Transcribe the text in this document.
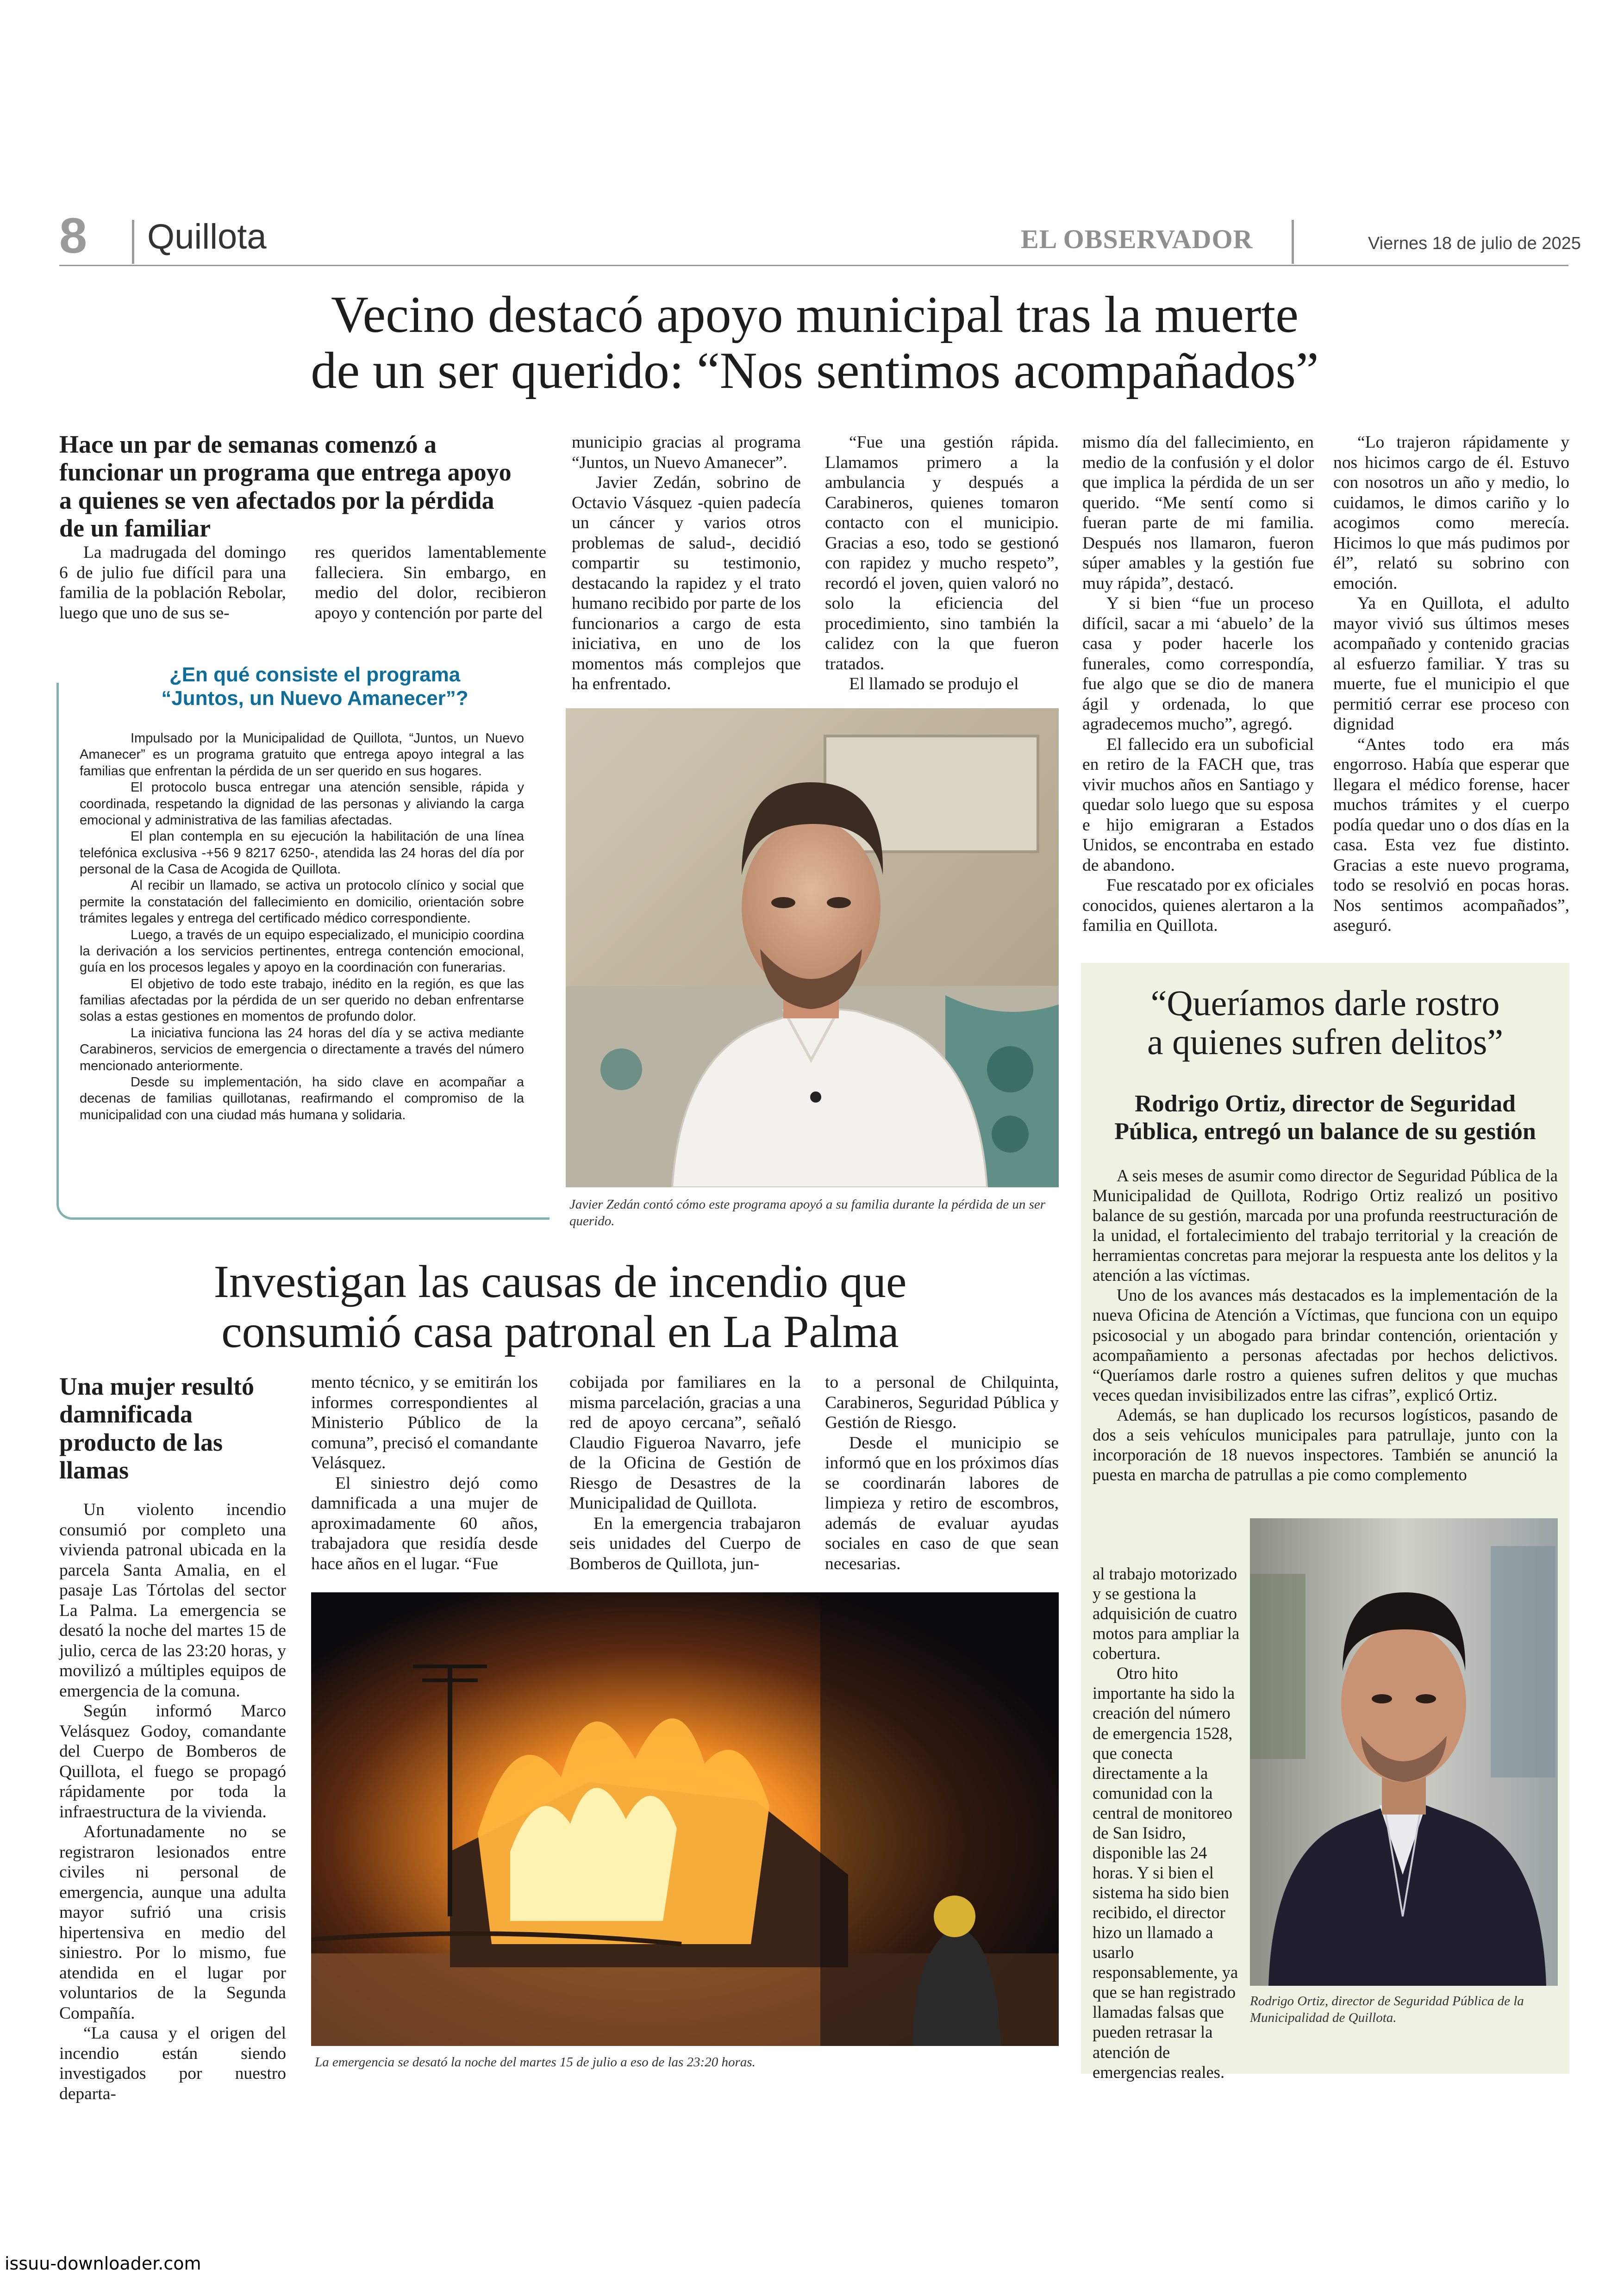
8 Quillota	EL OBSERVADOR	Viernes 18 de julio de 2025
Vecino destacó apoyo municipal tras la muerte
de un ser querido: “Nos sentimos acompañados”
Hace un par de semanas comenzó a funcionar un programa que entrega apoyo a quienes se ven afectados por la pérdida de un familiar

La madrugada del domingo 6 de julio fue difícil para una familia de la población Rebolar, luego que uno de sus se-

res queridos lamentablemente falleciera. Sin embargo, en medio del dolor, recibieron apoyo y contención por parte del

¿En qué consiste el programa
“Juntos, un Nuevo Amanecer”?

Impulsado por la Municipalidad de Quillota, “Juntos, un Nuevo Amanecer” es un programa gratuito que entrega apoyo integral a las familias que enfrentan la pérdida de un ser querido en sus hogares.

El protocolo busca entregar una atención sensible, rápida y coordinada, respetando la dignidad de las personas y aliviando la carga emocional y administrativa de las familias afectadas.

El plan contempla en su ejecución la habilitación de una línea telefónica exclusiva -+56 9 8217 6250-, atendida las 24 horas del día por personal de la Casa de Acogida de Quillota.

Al recibir un llamado, se activa un protocolo clínico y social que permite la constatación del fallecimiento en domicilio, orientación sobre trámites legales y entrega del certificado médico correspondiente.

Luego, a través de un equipo especializado, el municipio coordina la derivación a los servicios pertinentes, entrega contención emocional, guía en los procesos legales y apoyo en la coordinación con funerarias.

El objetivo de todo este trabajo, inédito en la región, es que las familias afectadas por la pérdida de un ser querido no deban enfrentarse solas a estas gestiones en momentos de profundo dolor.

La iniciativa funciona las 24 horas del día y se activa mediante Carabineros, servicios de emergencia o directamente a través del número mencionado anteriormente.

Desde su implementación, ha sido clave en acompañar a decenas de familias quillotanas, reafirmando el compromiso de la municipalidad con una ciudad más humana y solidaria.

municipio gracias al programa “Juntos, un Nuevo Amanecer”.

Javier Zedán, sobrino de Octavio Vásquez -quien padecía un cáncer y varios otros problemas de salud-, decidió compartir su testimonio, destacando la rapidez y el trato humano recibido por parte de los funcionarios a cargo de esta iniciativa, en uno de los momentos más complejos que ha enfrentado.

“Fue una gestión rápida. Llamamos primero a la ambulancia y después a Carabineros, quienes tomaron contacto con el municipio. Gracias a eso, todo se gestionó con rapidez y mucho respeto”, recordó el joven, quien valoró no solo la eficiencia del procedimiento, sino también la calidez con la que fueron tratados.

El llamado se produjo el

mismo día del fallecimiento, en medio de la confusión y el dolor que implica la pérdida de un ser querido. “Me sentí como si fueran parte de mi familia. Después nos llamaron, fueron súper amables y la gestión fue muy rápida”, destacó.

Y si bien “fue un proceso difícil, sacar a mi ‘abuelo’ de la casa y poder hacerle los funerales, como correspondía, fue algo que se dio de manera ágil y ordenada, lo que agradecemos mucho”, agregó.

El fallecido era un suboficial en retiro de la FACH que, tras vivir muchos años en Santiago y quedar solo luego que su esposa e hijo emigraran a Estados Unidos, se encontraba en estado de abandono.

Fue rescatado por ex oficiales conocidos, quienes alertaron a la familia en Quillota.

“Lo trajeron rápidamente y nos hicimos cargo de él. Estuvo con nosotros un año y medio, lo cuidamos, le dimos cariño y lo acogimos como merecía. Hicimos lo que más pudimos por él”, relató su sobrino con emoción.

Ya en Quillota, el adulto mayor vivió sus últimos meses acompañado y contenido gracias al esfuerzo familiar. Y tras su muerte, fue el municipio el que permitió cerrar ese proceso con dignidad

“Antes todo era más engorroso. Había que esperar que llegara el médico forense, hacer muchos trámites y el cuerpo podía quedar uno o dos días en la casa. Esta vez fue distinto. Gracias a este nuevo programa, todo se resolvió en pocas horas. Nos sentimos acompañados”, aseguró.

Javier Zedán contó cómo este programa apoyó a su familia durante la pérdida de un ser querido.
Investigan las causas de incendio que
consumió casa patronal en La Palma
Una mujer resultó damnificada producto de las llamas

Un violento incendio consumió por completo una vivienda patronal ubicada en la parcela Santa Amalia, en el pasaje Las Tórtolas del sector La Palma. La emergencia se desató la noche del martes 15 de julio, cerca de las 23:20 horas, y movilizó a múltiples equipos de emergencia de la comuna.

Según informó Marco Velásquez Godoy, comandante del Cuerpo de Bomberos de Quillota, el fuego se propagó rápidamente por toda la infraestructura de la vivienda.

Afortunadamente no se registraron lesionados entre civiles ni personal de emergencia, aunque una adulta mayor sufrió una crisis hipertensiva en medio del siniestro. Por lo mismo, fue atendida en el lugar por voluntarios de la Segunda Compañía.

“La causa y el origen del incendio están siendo investigados por nuestro departa-

mento técnico, y se emitirán los informes correspondientes al Ministerio Público de la comuna”, precisó el comandante Velásquez.

El siniestro dejó como damnificada a una mujer de aproximadamente 60 años, trabajadora que residía desde hace años en el lugar. “Fue

cobijada por familiares en la misma parcelación, gracias a una red de apoyo cercana”, señaló Claudio Figueroa Navarro, jefe de la Oficina de Gestión de Riesgo de Desastres de la Municipalidad de Quillota.

En la emergencia trabajaron seis unidades del Cuerpo de Bomberos de Quillota, jun-

to a personal de Chilquinta, Carabineros, Seguridad Pública y Gestión de Riesgo.

Desde el municipio se informó que en los próximos días se coordinarán labores de limpieza y retiro de escombros, además de evaluar ayudas sociales en caso de que sean necesarias.

La emergencia se desató la noche del martes 15 de julio a eso de las 23:20 horas.
“Queríamos darle rostro
a quienes sufren delitos”
Rodrigo Ortiz, director de Seguridad
Pública, entregó un balance de su gestión

A seis meses de asumir como director de Seguridad Pública de la Municipalidad de Quillota, Rodrigo Ortiz realizó un positivo balance de su gestión, marcada por una profunda reestructuración de la unidad, el fortalecimiento del trabajo territorial y la creación de herramientas concretas para mejorar la respuesta ante los delitos y la atención a las víctimas.

Uno de los avances más destacados es la implementación de la nueva Oficina de Atención a Víctimas, que funciona con un equipo psicosocial y un abogado para brindar contención, orientación y acompañamiento a personas afectadas por hechos delictivos. “Queríamos darle rostro a quienes sufren delitos y que muchas veces quedan invisibilizados entre las cifras”, explicó Ortiz.

Además, se han duplicado los recursos logísticos, pasando de dos a seis vehículos municipales para patrullaje, junto con la incorporación de 18 nuevos inspectores. También se anunció la puesta en marcha de patrullas a pie como complemento

al trabajo motorizado y se gestiona la adquisición de cuatro motos para ampliar la cobertura.

Otro hito importante ha sido la creación del número de emergencia 1528, que conecta directamente a la comunidad con la central de monitoreo de San Isidro, disponible las 24 horas. Y si bien el sistema ha sido bien recibido, el director hizo un llamado a usarlo responsablemente, ya que se han registrado llamadas falsas que pueden retrasar la atención de emergencias reales.

Rodrigo Ortiz, director de Seguridad Pública de la Municipalidad de Quillota.
issuu-downloader.com
